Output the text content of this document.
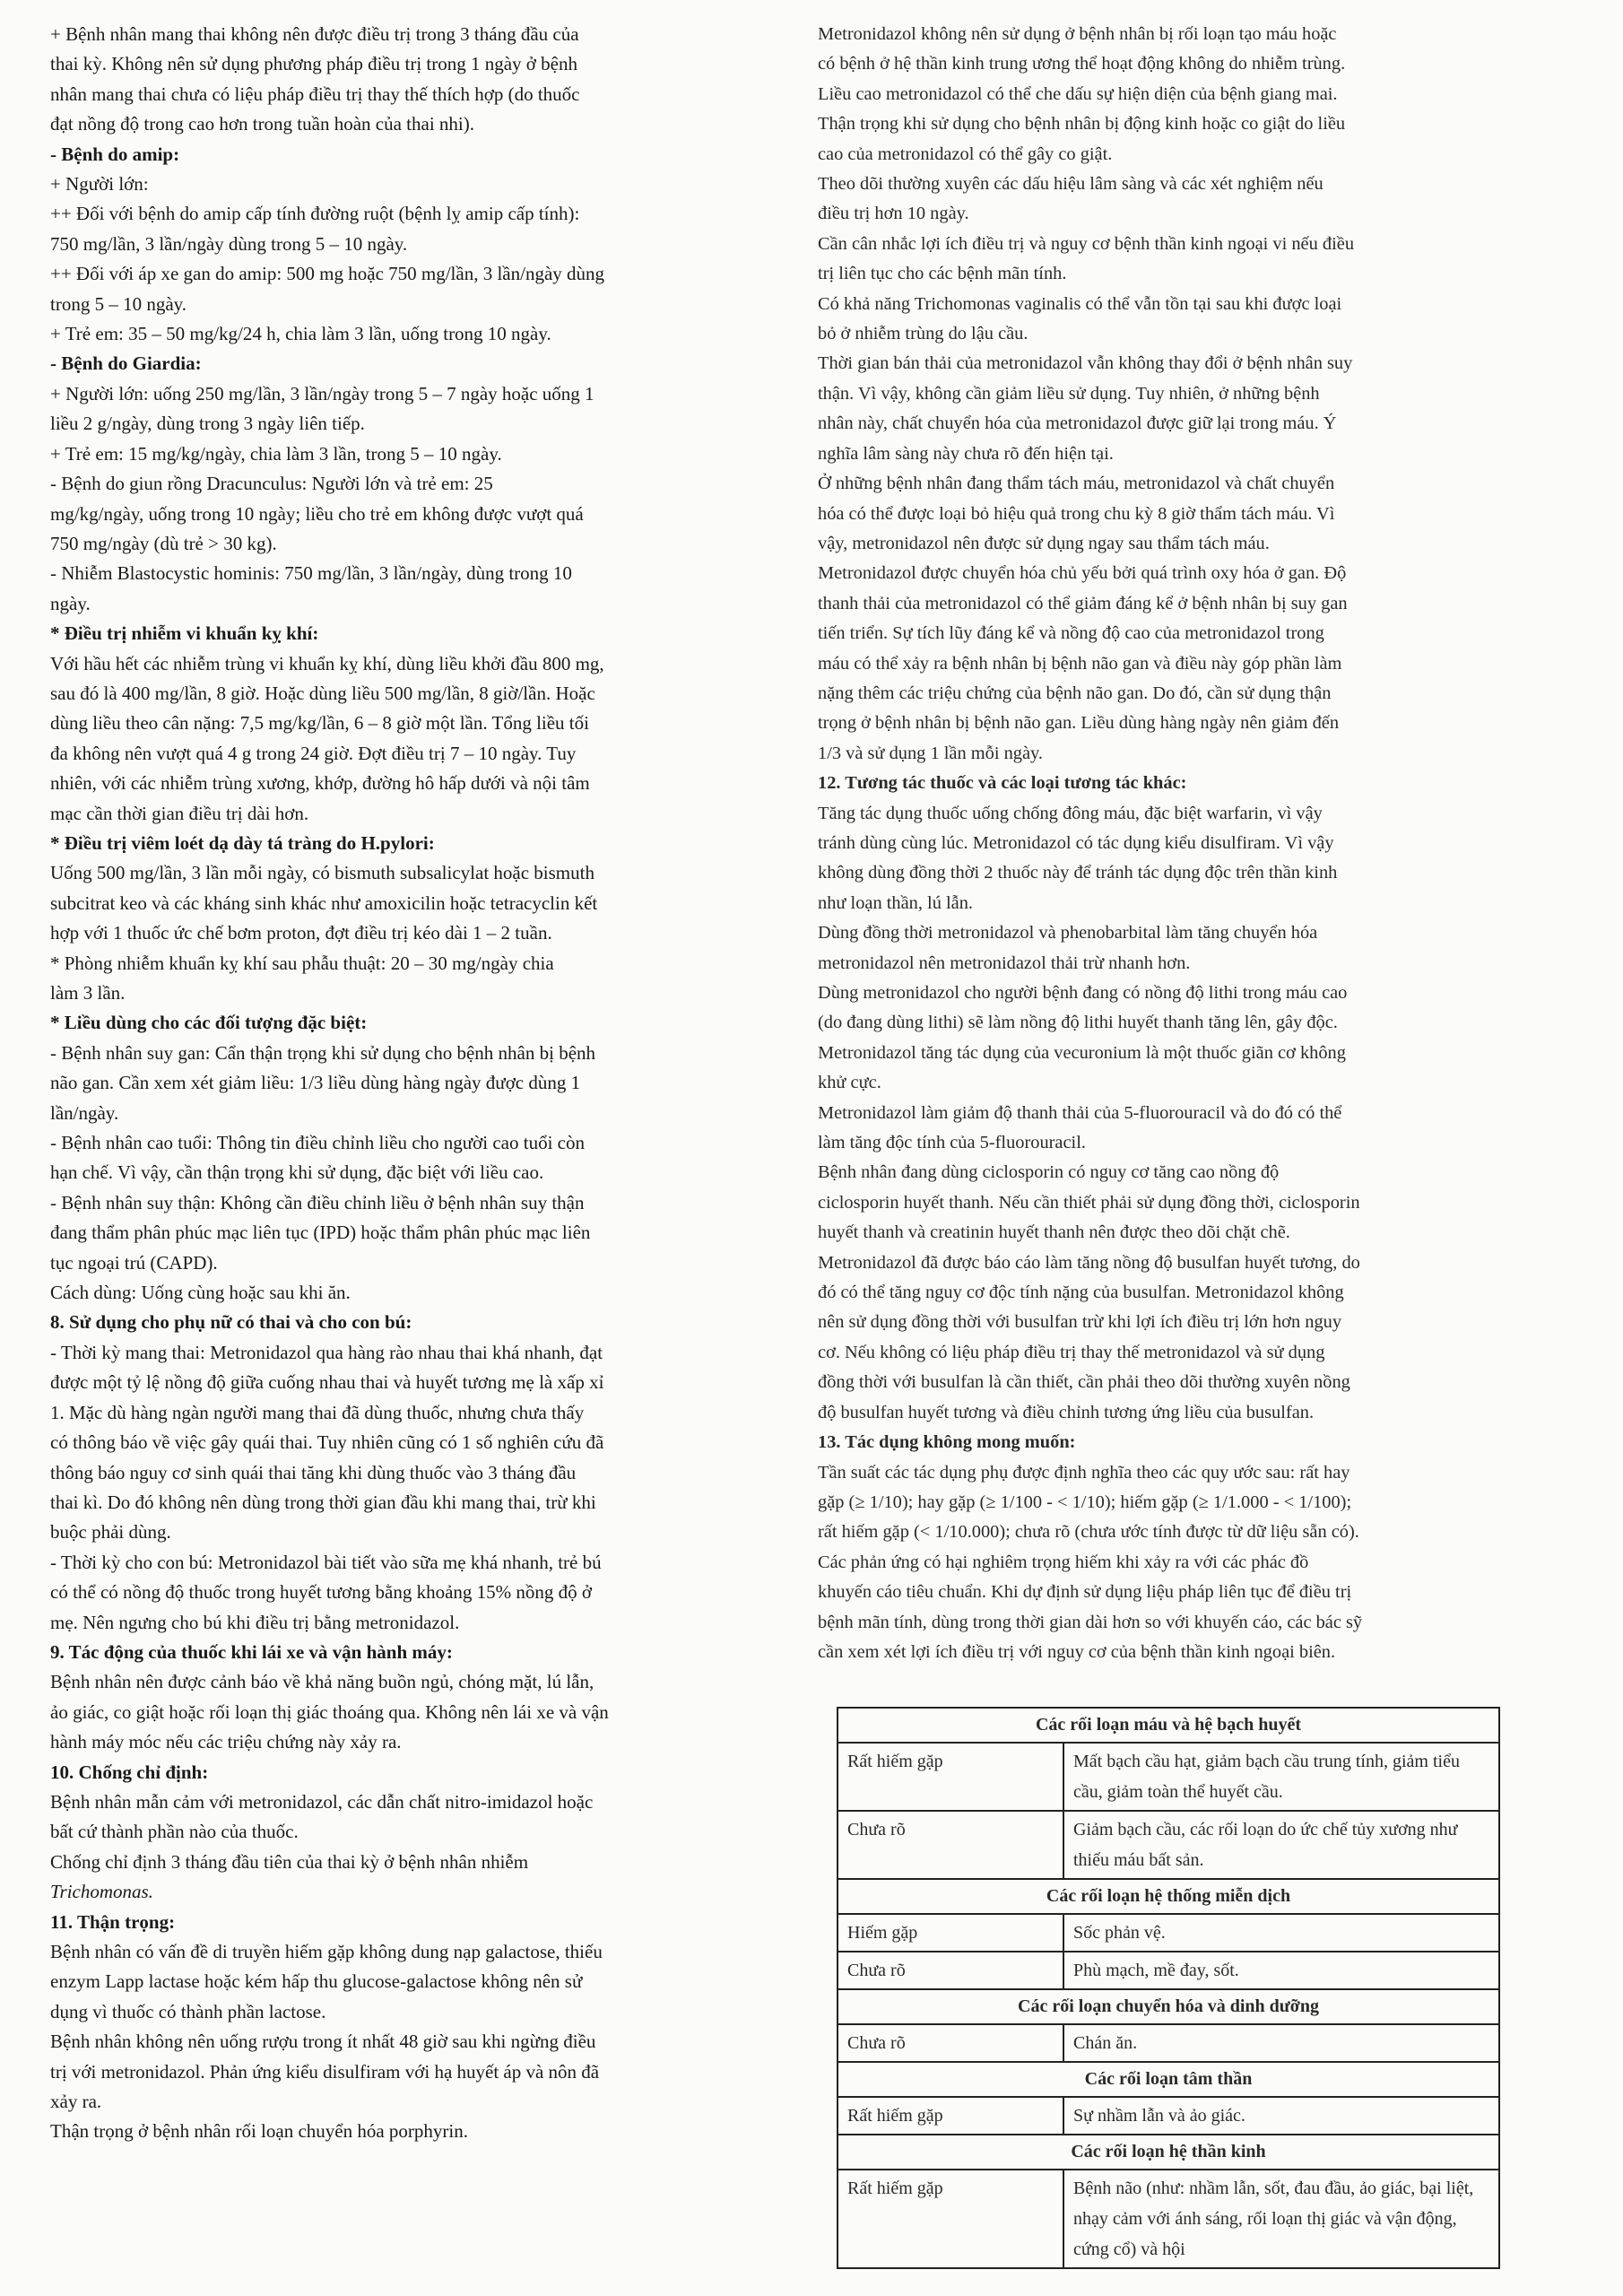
+ Bệnh nhân mang thai không nên được điều trị trong 3 tháng đầu của
thai kỳ. Không nên sử dụng phương pháp điều trị trong 1 ngày ở bệnh
nhân mang thai chưa có liệu pháp điều trị thay thế thích hợp (do thuốc
đạt nồng độ trong cao hơn trong tuần hoàn của thai nhi).
- Bệnh do amip:
+ Người lớn:
++ Đối với bệnh do amip cấp tính đường ruột (bệnh lỵ amip cấp tính):
750 mg/lần, 3 lần/ngày dùng trong 5 – 10 ngày.
++ Đối với áp xe gan do amip: 500 mg hoặc 750 mg/lần, 3 lần/ngày dùng
trong 5 – 10 ngày.
+ Trẻ em: 35 – 50 mg/kg/24 h, chia làm 3 lần, uống trong 10 ngày.
- Bệnh do Giardia:
+ Người lớn: uống 250 mg/lần, 3 lần/ngày trong 5 – 7 ngày hoặc uống 1
liều 2 g/ngày, dùng trong 3 ngày liên tiếp.
+ Trẻ em: 15 mg/kg/ngày, chia làm 3 lần, trong 5 – 10 ngày.
- Bệnh do giun rồng Dracunculus: Người lớn và trẻ em: 25
mg/kg/ngày, uống trong 10 ngày; liều cho trẻ em không được vượt quá
750 mg/ngày (dù trẻ > 30 kg).
- Nhiễm Blastocystic hominis: 750 mg/lần, 3 lần/ngày, dùng trong 10
ngày.
* Điều trị nhiễm vi khuẩn kỵ khí:
Với hầu hết các nhiễm trùng vi khuẩn kỵ khí, dùng liều khởi đầu 800 mg,
sau đó là 400 mg/lần, 8 giờ. Hoặc dùng liều 500 mg/lần, 8 giờ/lần. Hoặc
dùng liều theo cân nặng: 7,5 mg/kg/lần, 6 – 8 giờ một lần. Tổng liều tối
đa không nên vượt quá 4 g trong 24 giờ. Đợt điều trị 7 – 10 ngày. Tuy
nhiên, với các nhiễm trùng xương, khớp, đường hô hấp dưới và nội tâm
mạc cần thời gian điều trị dài hơn.
* Điều trị viêm loét dạ dày tá tràng do H.pylori:
Uống 500 mg/lần, 3 lần mỗi ngày, có bismuth subsalicylat hoặc bismuth
subcitrat keo và các kháng sinh khác như amoxicilin hoặc tetracyclin kết
hợp với 1 thuốc ức chế bơm proton, đợt điều trị kéo dài 1 – 2 tuần.
* Phòng nhiễm khuẩn kỵ khí sau phẫu thuật: 20 – 30 mg/ngày chia
làm 3 lần.
* Liều dùng cho các đối tượng đặc biệt:
- Bệnh nhân suy gan: Cẩn thận trọng khi sử dụng cho bệnh nhân bị bệnh
não gan. Cần xem xét giảm liều: 1/3 liều dùng hàng ngày được dùng 1
lần/ngày.
- Bệnh nhân cao tuổi: Thông tin điều chỉnh liều cho người cao tuổi còn
hạn chế. Vì vậy, cần thận trọng khi sử dụng, đặc biệt với liều cao.
- Bệnh nhân suy thận: Không cần điều chỉnh liều ở bệnh nhân suy thận
đang thẩm phân phúc mạc liên tục (IPD) hoặc thẩm phân phúc mạc liên
tục ngoại trú (CAPD).
Cách dùng: Uống cùng hoặc sau khi ăn.
8. Sử dụng cho phụ nữ có thai và cho con bú:
- Thời kỳ mang thai: Metronidazol qua hàng rào nhau thai khá nhanh, đạt
được một tỷ lệ nồng độ giữa cuống nhau thai và huyết tương mẹ là xấp xỉ
1. Mặc dù hàng ngàn người mang thai đã dùng thuốc, nhưng chưa thấy
có thông báo về việc gây quái thai. Tuy nhiên cũng có 1 số nghiên cứu đã
thông báo nguy cơ sinh quái thai tăng khi dùng thuốc vào 3 tháng đầu
thai kì. Do đó không nên dùng trong thời gian đầu khi mang thai, trừ khi
buộc phải dùng.
- Thời kỳ cho con bú: Metronidazol bài tiết vào sữa mẹ khá nhanh, trẻ bú
có thể có nồng độ thuốc trong huyết tương bằng khoảng 15% nồng độ ở
mẹ. Nên ngưng cho bú khi điều trị bằng metronidazol.
9. Tác động của thuốc khi lái xe và vận hành máy:
Bệnh nhân nên được cảnh báo về khả năng buồn ngủ, chóng mặt, lú lẫn,
ảo giác, co giật hoặc rối loạn thị giác thoáng qua. Không nên lái xe và vận
hành máy móc nếu các triệu chứng này xảy ra.
10. Chống chỉ định:
Bệnh nhân mẫn cảm với metronidazol, các dẫn chất nitro-imidazol hoặc
bất cứ thành phần nào của thuốc.
Chống chỉ định 3 tháng đầu tiên của thai kỳ ở bệnh nhân nhiễm
Trichomonas.
11. Thận trọng:
Bệnh nhân có vấn đề di truyền hiếm gặp không dung nạp galactose, thiếu
enzym Lapp lactase hoặc kém hấp thu glucose-galactose không nên sử
dụng vì thuốc có thành phần lactose.
Bệnh nhân không nên uống rượu trong ít nhất 48 giờ sau khi ngừng điều
trị với metronidazol. Phản ứng kiểu disulfiram với hạ huyết áp và nôn đã
xảy ra.
Thận trọng ở bệnh nhân rối loạn chuyển hóa porphyrin.
Metronidazol không nên sử dụng ở bệnh nhân bị rối loạn tạo máu hoặc
có bệnh ở hệ thần kinh trung ương thể hoạt động không do nhiễm trùng.
Liều cao metronidazol có thể che dấu sự hiện diện của bệnh giang mai.
Thận trọng khi sử dụng cho bệnh nhân bị động kinh hoặc co giật do liều
cao của metronidazol có thể gây co giật.
Theo dõi thường xuyên các dấu hiệu lâm sàng và các xét nghiệm nếu
điều trị hơn 10 ngày.
Cần cân nhắc lợi ích điều trị và nguy cơ bệnh thần kinh ngoại vi nếu điều
trị liên tục cho các bệnh mãn tính.
Có khả năng Trichomonas vaginalis có thể vẫn tồn tại sau khi được loại
bỏ ở nhiễm trùng do lậu cầu.
Thời gian bán thải của metronidazol vẫn không thay đổi ở bệnh nhân suy
thận. Vì vậy, không cần giảm liều sử dụng. Tuy nhiên, ở những bệnh
nhân này, chất chuyển hóa của metronidazol được giữ lại trong máu. Ý
nghĩa lâm sàng này chưa rõ đến hiện tại.
Ở những bệnh nhân đang thẩm tách máu, metronidazol và chất chuyển
hóa có thể được loại bỏ hiệu quả trong chu kỳ 8 giờ thẩm tách máu. Vì
vậy, metronidazol nên được sử dụng ngay sau thẩm tách máu.
Metronidazol được chuyển hóa chủ yếu bởi quá trình oxy hóa ở gan. Độ
thanh thải của metronidazol có thể giảm đáng kể ở bệnh nhân bị suy gan
tiến triển. Sự tích lũy đáng kể và nồng độ cao của metronidazol trong
máu có thể xảy ra bệnh nhân bị bệnh não gan và điều này góp phần làm
nặng thêm các triệu chứng của bệnh não gan. Do đó, cần sử dụng thận
trọng ở bệnh nhân bị bệnh não gan. Liều dùng hàng ngày nên giảm đến
1/3 và sử dụng 1 lần mỗi ngày.
12. Tương tác thuốc và các loại tương tác khác:
Tăng tác dụng thuốc uống chống đông máu, đặc biệt warfarin, vì vậy
tránh dùng cùng lúc. Metronidazol có tác dụng kiểu disulfiram. Vì vậy
không dùng đồng thời 2 thuốc này để tránh tác dụng độc trên thần kinh
như loạn thần, lú lẫn.
Dùng đồng thời metronidazol và phenobarbital làm tăng chuyển hóa
metronidazol nên metronidazol thải trừ nhanh hơn.
Dùng metronidazol cho người bệnh đang có nồng độ lithi trong máu cao
(do đang dùng lithi) sẽ làm nồng độ lithi huyết thanh tăng lên, gây độc.
Metronidazol tăng tác dụng của vecuronium là một thuốc giãn cơ không
khử cực.
Metronidazol làm giảm độ thanh thải của 5-fluorouracil và do đó có thể
làm tăng độc tính của 5-fluorouracil.
Bệnh nhân đang dùng ciclosporin có nguy cơ tăng cao nồng độ
ciclosporin huyết thanh. Nếu cần thiết phải sử dụng đồng thời, ciclosporin
huyết thanh và creatinin huyết thanh nên được theo dõi chặt chẽ.
Metronidazol đã được báo cáo làm tăng nồng độ busulfan huyết tương, do
đó có thể tăng nguy cơ độc tính nặng của busulfan. Metronidazol không
nên sử dụng đồng thời với busulfan trừ khi lợi ích điều trị lớn hơn nguy
cơ. Nếu không có liệu pháp điều trị thay thế metronidazol và sử dụng
đồng thời với busulfan là cần thiết, cần phải theo dõi thường xuyên nồng
độ busulfan huyết tương và điều chỉnh tương ứng liều của busulfan.
13. Tác dụng không mong muốn:
Tần suất các tác dụng phụ được định nghĩa theo các quy ước sau: rất hay
gặp (≥ 1/10); hay gặp (≥ 1/100 - < 1/10); hiếm gặp (≥ 1/1.000 - < 1/100);
rất hiếm gặp (< 1/10.000); chưa rõ (chưa ước tính được từ dữ liệu sẵn có).
Các phản ứng có hại nghiêm trọng hiếm khi xảy ra với các phác đồ
khuyến cáo tiêu chuẩn. Khi dự định sử dụng liệu pháp liên tục để điều trị
bệnh mãn tính, dùng trong thời gian dài hơn so với khuyến cáo, các bác sỹ
cần xem xét lợi ích điều trị với nguy cơ của bệnh thần kinh ngoại biên.
Các rối loạn máu và hệ bạch huyết	
Rất hiếm gặp	Mất bạch cầu hạt, giảm bạch cầu trung tính, giảm tiểu cầu, giảm toàn thể huyết cầu.
Chưa rõ	Giảm bạch cầu, các rối loạn do ức chế tủy xương như thiếu máu bất sản.
Các rối loạn hệ thống miễn dịch	
Hiếm gặp	Sốc phản vệ.
Chưa rõ	Phù mạch, mề đay, sốt.
Các rối loạn chuyển hóa và dinh dưỡng	
Chưa rõ	Chán ăn.
Các rối loạn tâm thần	
Rất hiếm gặp	Sự nhầm lẫn và ảo giác.
Các rối loạn hệ thần kinh	
Rất hiếm gặp	Bệnh não (như: nhầm lẫn, sốt, đau đầu, ảo giác, bại liệt, nhạy cảm với ánh sáng, rối loạn thị giác và vận động, cứng cổ) và hội
